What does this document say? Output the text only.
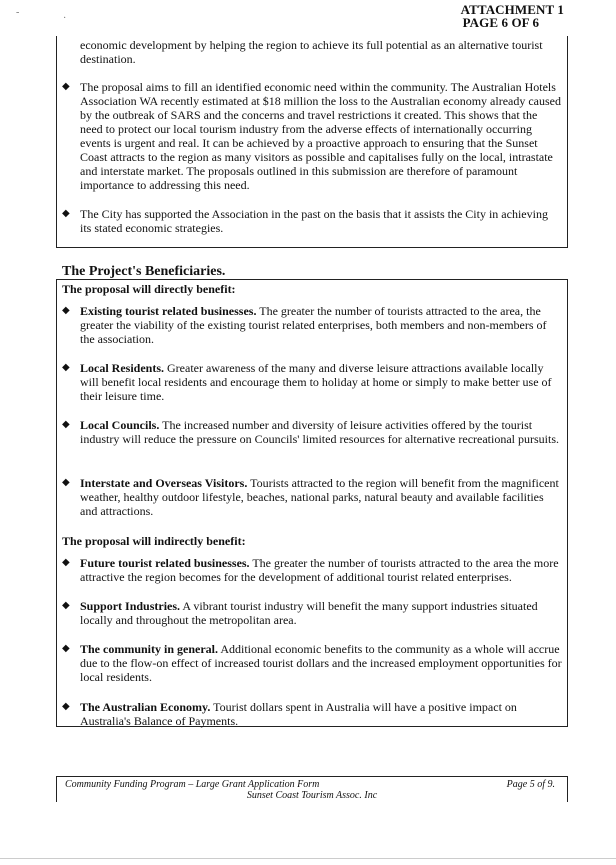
-
·
ATTACHMENT 1
PAGE 6 OF 6
economic development by helping the region to achieve its full potential as an alternative tourist destination.
◆
The proposal aims to fill an identified economic need within the community. The Australian Hotels Association WA recently estimated at $18 million the loss to the Australian economy already caused by the outbreak of SARS and the concerns and travel restrictions it created. This shows that the need to protect our local tourism industry from the adverse effects of internationally occurring events is urgent and real. It can be achieved by a proactive approach to ensuring that the Sunset Coast attracts to the region as many visitors as possible and capitalises fully on the local, intrastate and interstate market. The proposals outlined in this submission are therefore of paramount importance to addressing this need.
◆
The City has supported the Association in the past on the basis that it assists the City in achieving its stated economic strategies.
The Project's Beneficiaries.
The proposal will directly benefit:
◆
Existing tourist related businesses. The greater the number of tourists attracted to the area, the greater the viability of the existing tourist related enterprises, both members and non-members of the association.
◆
Local Residents. Greater awareness of the many and diverse leisure attractions available locally will benefit local residents and encourage them to holiday at home or simply to make better use of their leisure time.
◆
Local Councils. The increased number and diversity of leisure activities offered by the tourist industry will reduce the pressure on Councils' limited resources for alternative recreational pursuits.
◆
Interstate and Overseas Visitors. Tourists attracted to the region will benefit from the magnificent weather, healthy outdoor lifestyle, beaches, national parks, natural beauty and available facilities and attractions.
The proposal will indirectly benefit:
◆
Future tourist related businesses. The greater the number of tourists attracted to the area the more attractive the region becomes for the development of additional tourist related enterprises.
◆
Support Industries. A vibrant tourist industry will benefit the many support industries situated locally and throughout the metropolitan area.
◆
The community in general. Additional economic benefits to the community as a whole will accrue due to the flow-on effect of increased tourist dollars and the increased employment opportunities for local residents.
◆
The Australian Economy. Tourist dollars spent in Australia will have a positive impact on Australia's Balance of Payments.
Community Funding Program – Large Grant Application Form	Page 5 of 9.
Sunset Coast Tourism Assoc. Inc
